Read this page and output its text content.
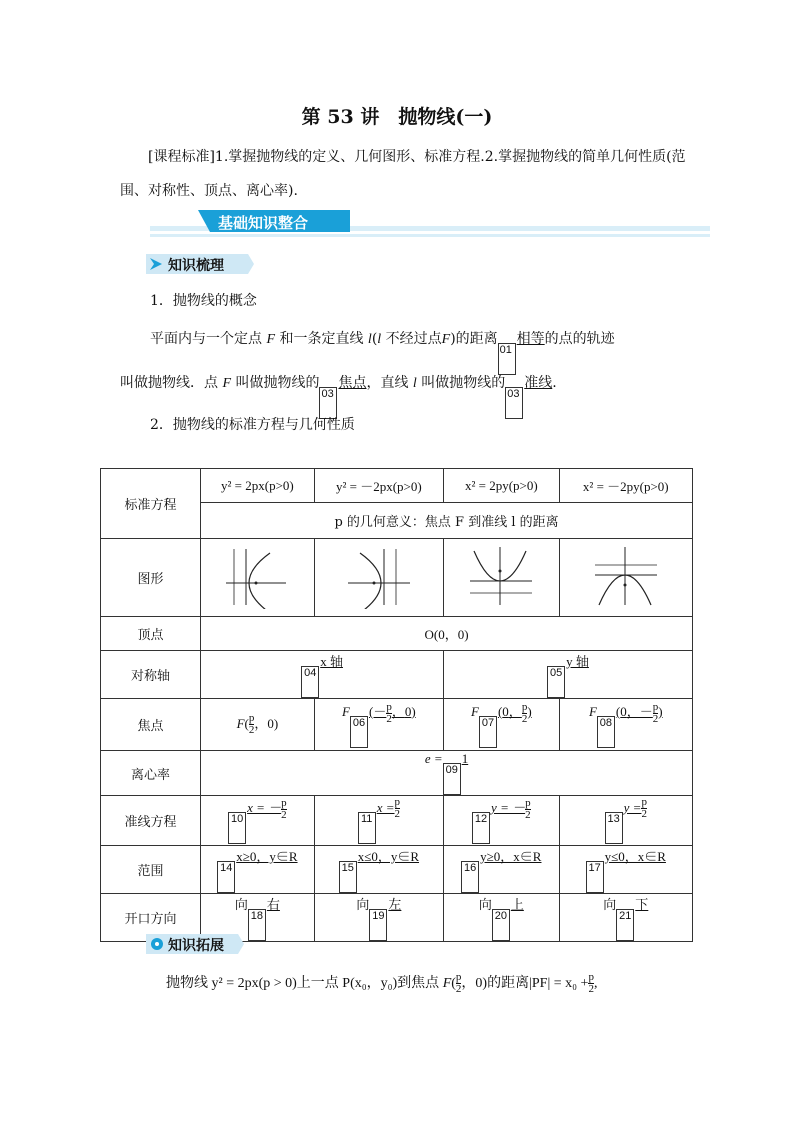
第 53 讲　抛物线(一)
[课程标准]1.掌握抛物线的定义、几何图形、标准方程.2.掌握抛物线的简单几何性质(范围、对称性、顶点、离心率).
基础知识整合
知识梳理
1．抛物线的概念
平面内与一个定点 F 和一条定直线 l(l 不经过点F)的距离01相等的点的轨迹
叫做抛物线．点 F 叫做抛物线的03焦点，直线 l 叫做抛物线的03准线.
2．抛物线的标准方程与几何性质
标准方程	y² = 2px(p>0)	y² = －2px(p>0)	x² = 2py(p>0)	x² = －2py(p>0)
	p 的几何意义：焦点 F 到准线 l 的距离			
图形				
顶点	O(0，0)			
对称轴	04x 轴		05y 轴	
焦点	$F( \frac{p}{2}$ ，0)	$F06(- \frac{p}{2}$ ，0)	F07(0， $\frac{p}{2}$ )	F08(0，－ $\frac{p}{2}$ )
离心率	e =091			
准线方程	10x = － $\frac{p}{2}$	$11x = \frac{p}{2}$	12y = － $\frac{p}{2}$	$13y = \frac{p}{2}$

范围	14x≥0，y∈R	15x≤0，y∈R	16y≥0，x∈R	17y≤0，x∈R
开口方向	向18右	向19左	向20上	向21下
知识拓展
抛物线 y² = 2px(p > 0)上一点 P(x₀，y₀)到焦点 $F( \frac{p}{2}$ ，0)的距离$|PF| = x_0 + \frac{p}{2}$ ,
